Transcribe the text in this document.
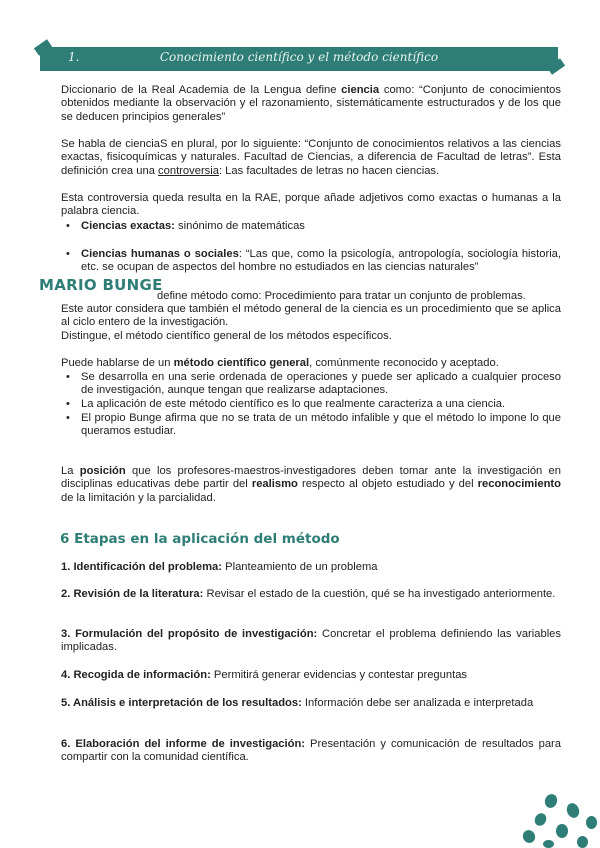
1.	Conocimiento científico y el método científico

Diccionario de la Real Academia de la Lengua define ciencia como: “Conjunto de conocimientos obtenidos mediante la observación y el razonamiento, sistemáticamente estructurados y de los que se deducen principios generales”

Se habla de cienciaS en plural, por lo siguiente: “Conjunto de conocimientos relativos a las ciencias exactas, fisicoquímicas y naturales. Facultad de Ciencias, a diferencia de Facultad de letras”. Esta definición crea una controversia: Las facultades de letras no hacen ciencias.

Esta controversia queda resulta en la RAE, porque añade adjetivos como exactas o humanas a la palabra ciencia.

• Ciencias exactas: sinónimo de matemáticas

• Ciencias humanas o sociales: “Las que, como la psicología, antropología, sociología historia, etc. se ocupan de aspectos del hombre no estudiados en las ciencias naturales”

MARIO BUNGE

define método como: Procedimiento para tratar un conjunto de problemas.

Este autor considera que también el método general de la ciencia es un procedimiento que se aplica al ciclo entero de la investigación.

Distingue, el método científico general de los métodos específicos.

Puede hablarse de un método científico general, comúnmente reconocido y aceptado.

• Se desarrolla en una serie ordenada de operaciones y puede ser aplicado a cualquier proceso de investigación, aunque tengan que realizarse adaptaciones.

• La aplicación de este método científico es lo que realmente caracteriza a una ciencia.

• El propio Bunge afirma que no se trata de un método infalible y que el método lo impone lo que queramos estudiar.

La posición que los profesores-maestros-investigadores deben tomar ante la investigación en disciplinas educativas debe partir del realismo respecto al objeto estudiado y del reconocimiento de la limitación y la parcialidad.

6 Etapas en la aplicación del método

1. Identificación del problema: Planteamiento de un problema

2. Revisión de la literatura: Revisar el estado de la cuestión, qué se ha investigado anteriormente.

3. Formulación del propósito de investigación: Concretar el problema definiendo las variables implicadas.

4. Recogida de información: Permitirá generar evidencias y contestar preguntas

5. Análisis e interpretación de los resultados: Información debe ser analizada e interpretada

6. Elaboración del informe de investigación: Presentación y comunicación de resultados para compartir con la comunidad científica.
